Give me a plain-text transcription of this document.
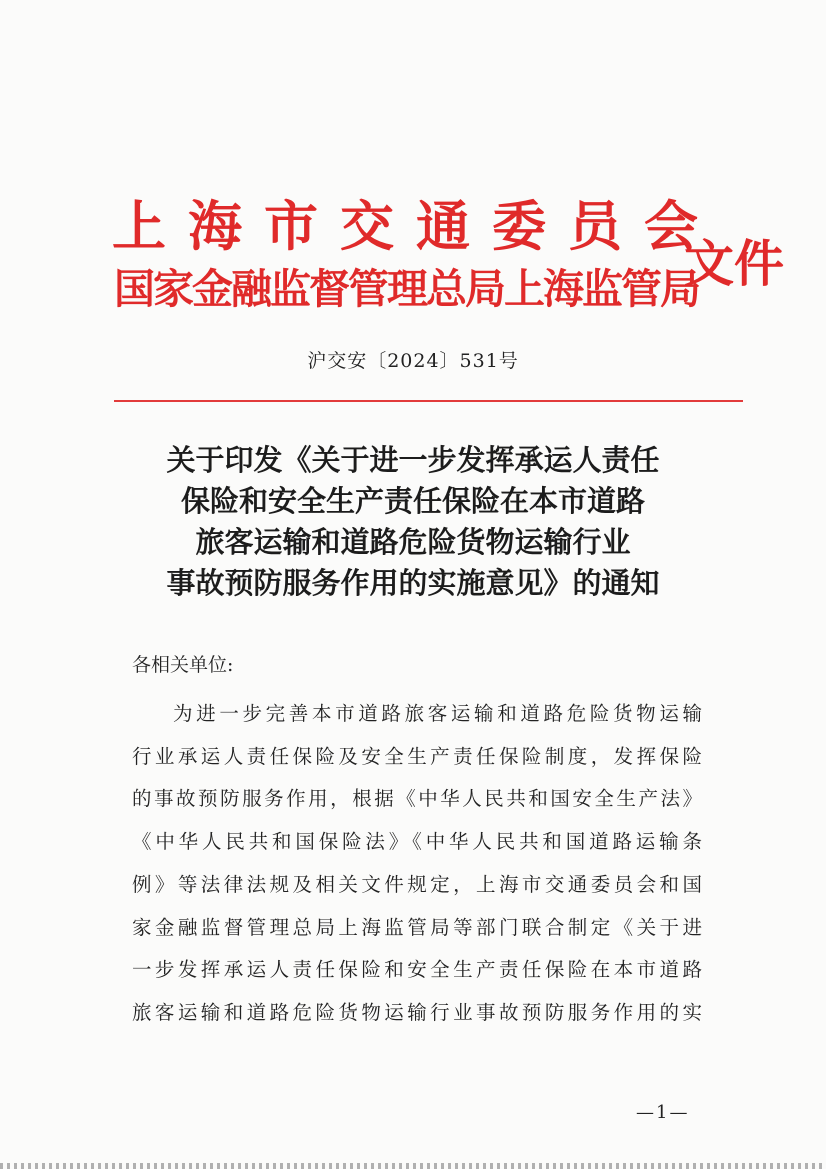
上海市交通委员会
国家金融监督管理总局上海监管局
文件
沪交安〔2024〕531号
关于印发《关于进一步发挥承运人责任
保险和安全生产责任保险在本市道路
旅客运输和道路危险货物运输行业
事故预防服务作用的实施意见》的通知
各相关单位:
为进一步完善本市道路旅客运输和道路危险货物运输
行业承运人责任保险及安全生产责任保险制度，发挥保险
的事故预防服务作用，根据《中华人民共和国安全生产法》
《中华人民共和国保险法》《中华人民共和国道路运输条
例》等法律法规及相关文件规定，上海市交通委员会和国
家金融监督管理总局上海监管局等部门联合制定《关于进
一步发挥承运人责任保险和安全生产责任保险在本市道路
旅客运输和道路危险货物运输行业事故预防服务作用的实
—1—
